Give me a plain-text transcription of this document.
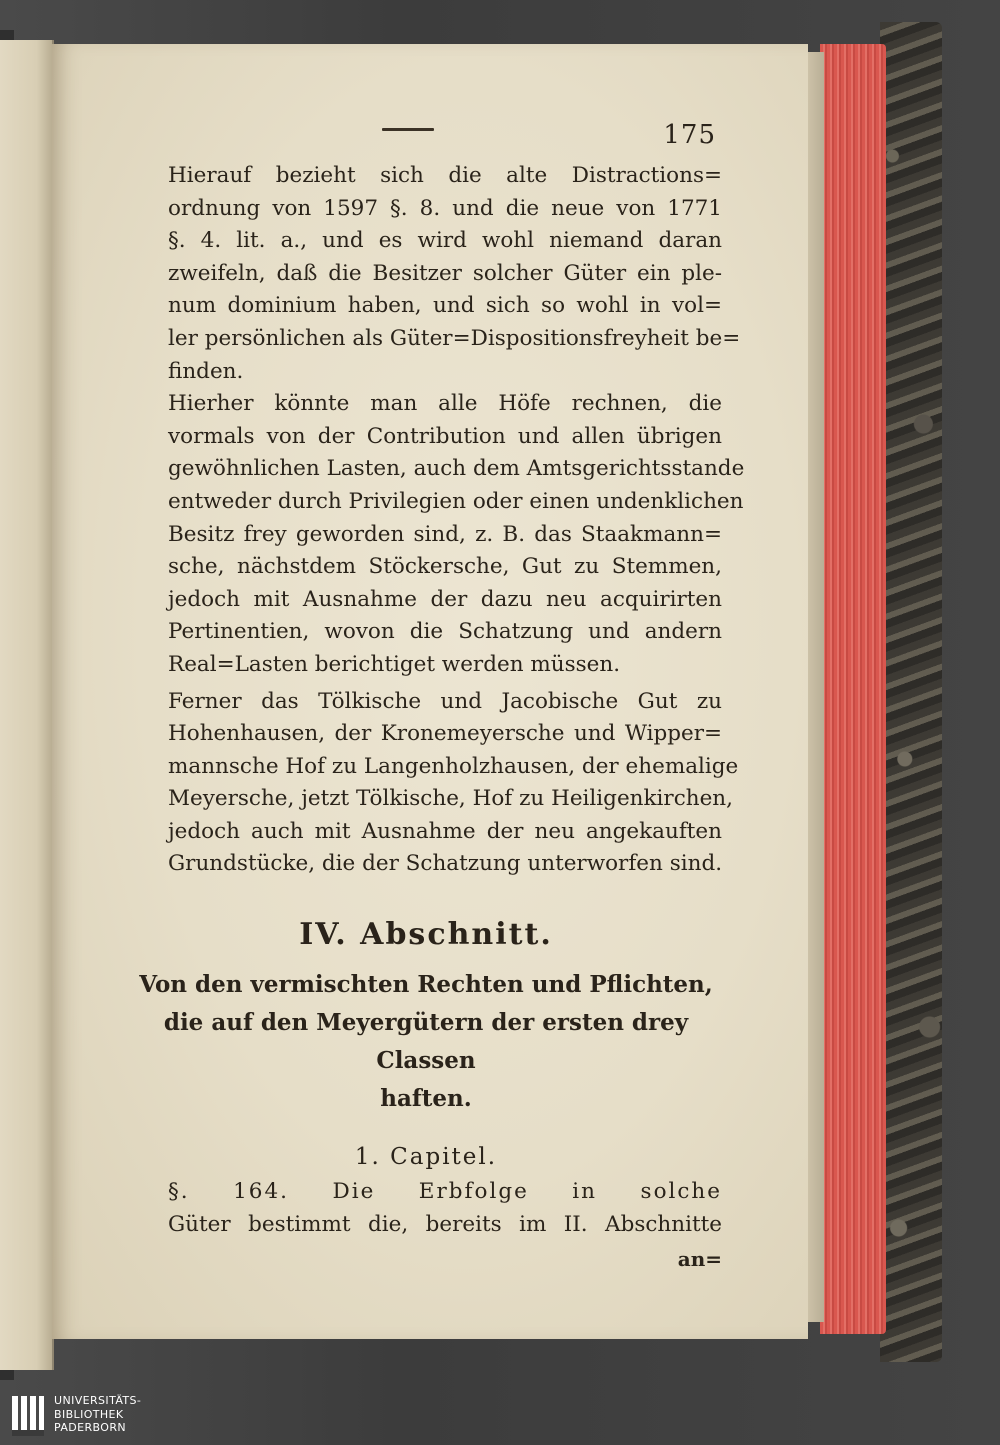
175

Hierauf bezieht sich die alte Distractions=
ordnung von 1597 §. 8. und die neue von 1771
§. 4. lit. a., und es wird wohl niemand daran
zweifeln, daß die Besitzer solcher Güter ein ple-
num dominium haben, und sich so wohl in vol=
ler persönlichen als Güter=Dispositionsfreyheit be=
finden.

Hierher könnte man alle Höfe rechnen, die
vormals von der Contribution und allen übrigen
gewöhnlichen Lasten, auch dem Amtsgerichtsstande
entweder durch Privilegien oder einen undenklichen
Besitz frey geworden sind, z. B. das Staakmann=
sche, nächstdem Stöckersche, Gut zu Stemmen,
jedoch mit Ausnahme der dazu neu acquirirten
Pertinentien, wovon die Schatzung und andern
Real=Lasten berichtiget werden müssen.

Ferner das Tölkische und Jacobische Gut zu
Hohenhausen, der Kronemeyersche und Wipper=
mannsche Hof zu Langenholzhausen, der ehemalige
Meyersche, jetzt Tölkische, Hof zu Heiligenkirchen,
jedoch auch mit Ausnahme der neu angekauften
Grundstücke, die der Schatzung unterworfen sind.

IV. Abschnitt.

Von den vermischten Rechten und Pflichten,
die auf den Meyergütern der ersten drey Classen
haften.

1. Capitel.

§. 164. Die Erbfolge in solche
Güter bestimmt die, bereits im II. Abschnitte

an=
UNIVERSITÄTS-
BIBLIOTHEK
PADERBORN
